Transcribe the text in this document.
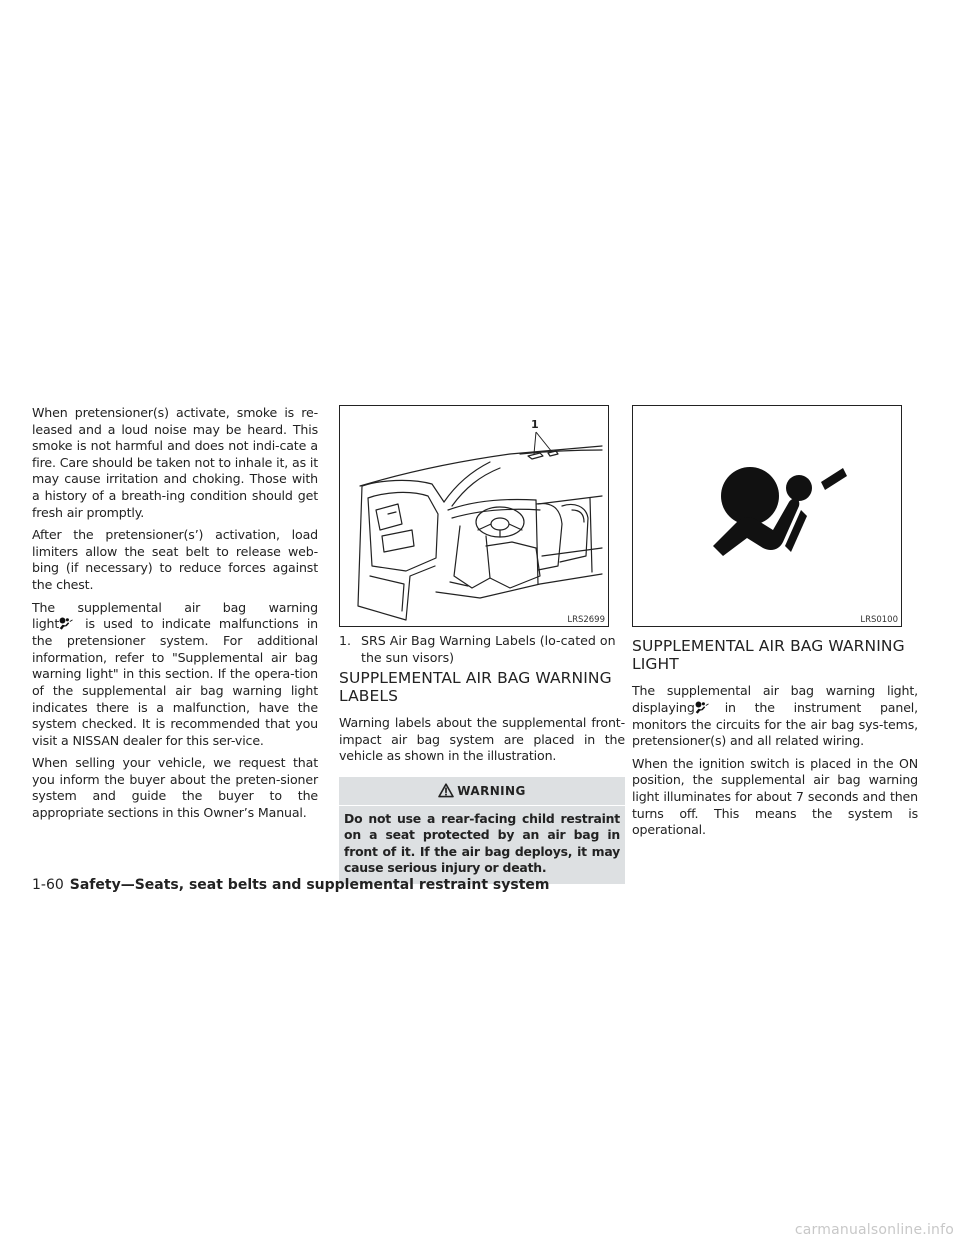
When pretensioner(s) activate, smoke is re-leased and a loud noise may be heard. This smoke is not harmful and does not indi-cate a fire. Care should be taken not to inhale it, as it may cause irritation and choking. Those with a history of a breath-ing condition should get fresh air promptly.

After the pretensioner(s’) activation, load limiters allow the seat belt to release web-bing (if necessary) to reduce forces against the chest.

The supplemental air bag warning

light is used to indicate malfunctions in the pretensioner system. For additional information, refer to "Supplemental air bag warning light" in this section. If the opera-tion of the supplemental air bag warning light indicates there is a malfunction, have the system checked. It is recommended that you visit a NISSAN dealer for this ser-vice.

When selling your vehicle, we request that you inform the buyer about the preten-sioner system and guide the buyer to the appropriate sections in this Owner’s Manual.

1
LRS2699
1. SRS Air Bag Warning Labels (lo-cated on the sun visors)
SUPPLEMENTAL AIR BAG WARNING LABELS

Warning labels about the supplemental front-impact air bag system are placed in the vehicle as shown in the illustration.

WARNING
Do not use a rear-facing child restraint on a seat protected by an air bag in front of it. If the air bag deploys, it may cause serious injury or death.
LRS0100
SUPPLEMENTAL AIR BAG WARNING LIGHT

The supplemental air bag warning light,

displaying in the instrument panel, monitors the circuits for the air bag sys-tems, pretensioner(s) and all related wiring.

When the ignition switch is placed in the ON position, the supplemental air bag warning light illuminates for about 7 seconds and then turns off. This means the system is operational.

1-60 Safety—Seats, seat belts and supplemental restraint system
carmanualsonline.info
